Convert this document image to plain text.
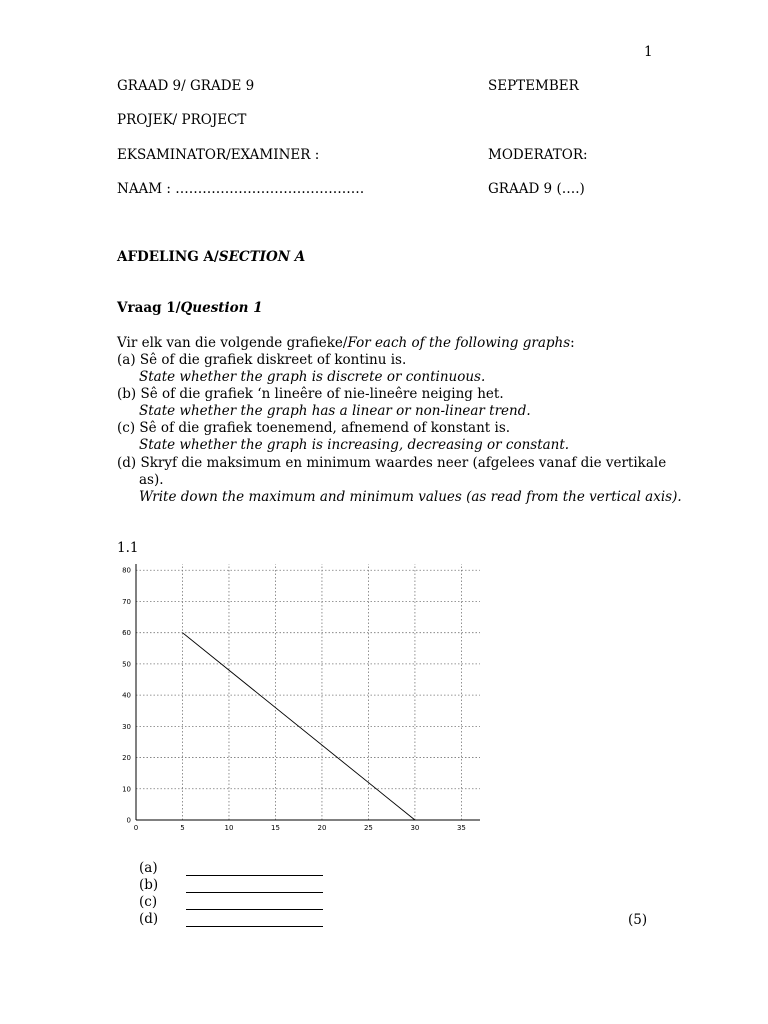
1
GRAAD 9/ GRADE 9	SEPTEMBER
PROJEK/ PROJECT
EKSAMINATOR/EXAMINER :	MODERATOR:
NAAM : ……………………………………	GRAAD 9 (….)
AFDELING A/SECTION A
Vraag 1/Question 1
Vir elk van die volgende grafieke/For each of the following graphs:
(a) Sê of die grafiek diskreet of kontinu is.
State whether the graph is discrete or continuous.
(b) Sê of die grafiek ‘n lineêre of nie-lineêre neiging het.
State whether the graph has a linear or non-linear trend.
(c) Sê of die grafiek toenemend, afnemend of konstant is.
State whether the graph is increasing, decreasing or constant.
(d) Skryf die maksimum en minimum waardes neer (afgelees vanaf die vertikale
as).
Write down the maximum and minimum values (as read from the vertical axis).
1.1
0	5	10	15	20	25	30	35
0
10
20
30
40
50
60
70
80
(a)
(b)
(c)
(d)	(5)
